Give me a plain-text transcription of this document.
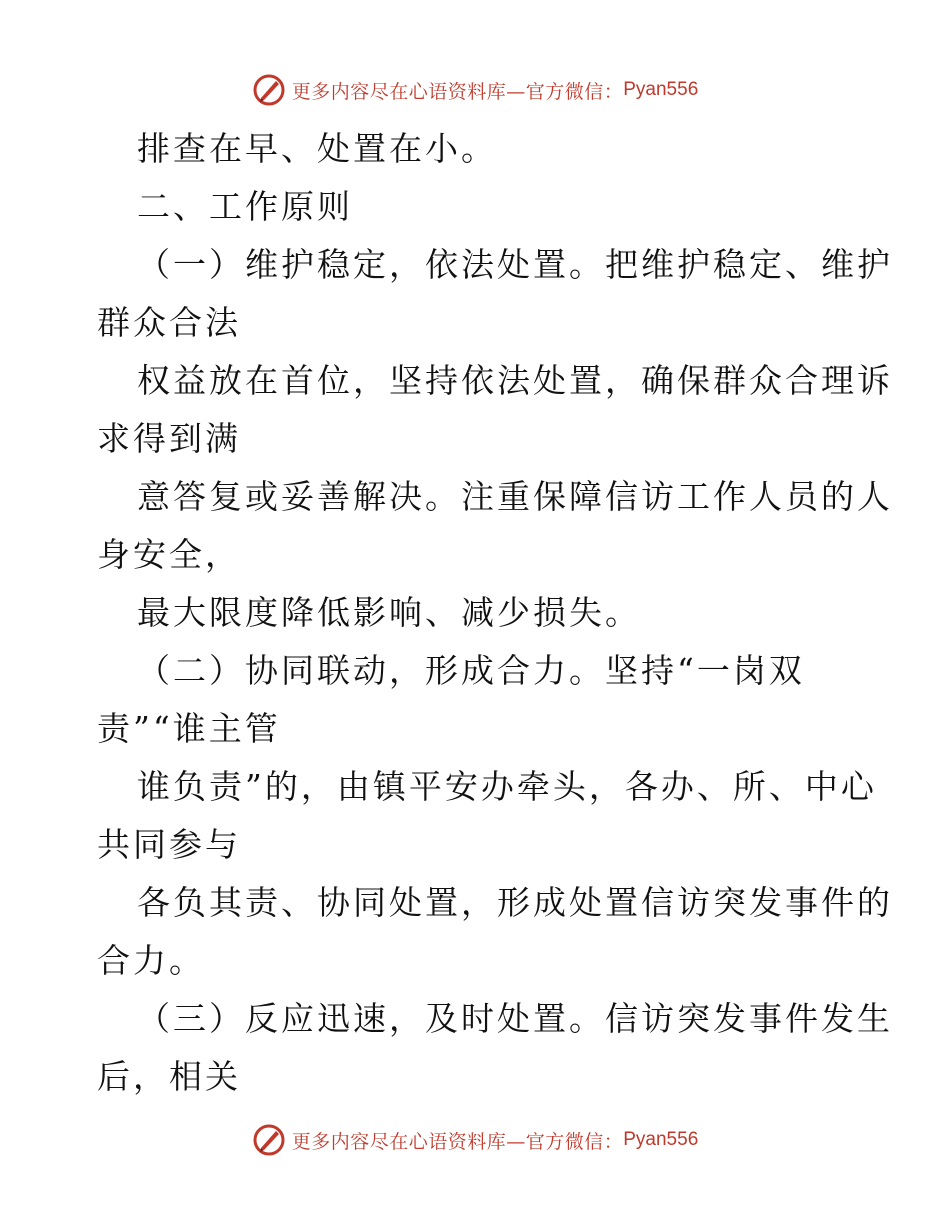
更多内容尽在心语资料库—官方微信： Pyan556
排查在早、处置在小。
二、工作原则
（一）维护稳定，依法处置。把维护稳定、维护
群众合法
权益放在首位，坚持依法处置，确保群众合理诉
求得到满
意答复或妥善解决。注重保障信访工作人员的人
身安全，
最大限度降低影响、减少损失。
（二）协同联动，形成合力。坚持“一岗双
责”“谁主管
谁负责”的，由镇平安办牵头，各办、所、中心
共同参与
各负其责、协同处置，形成处置信访突发事件的
合力。
（三）反应迅速，及时处置。信访突发事件发生
后，相关
更多内容尽在心语资料库—官方微信： Pyan556
